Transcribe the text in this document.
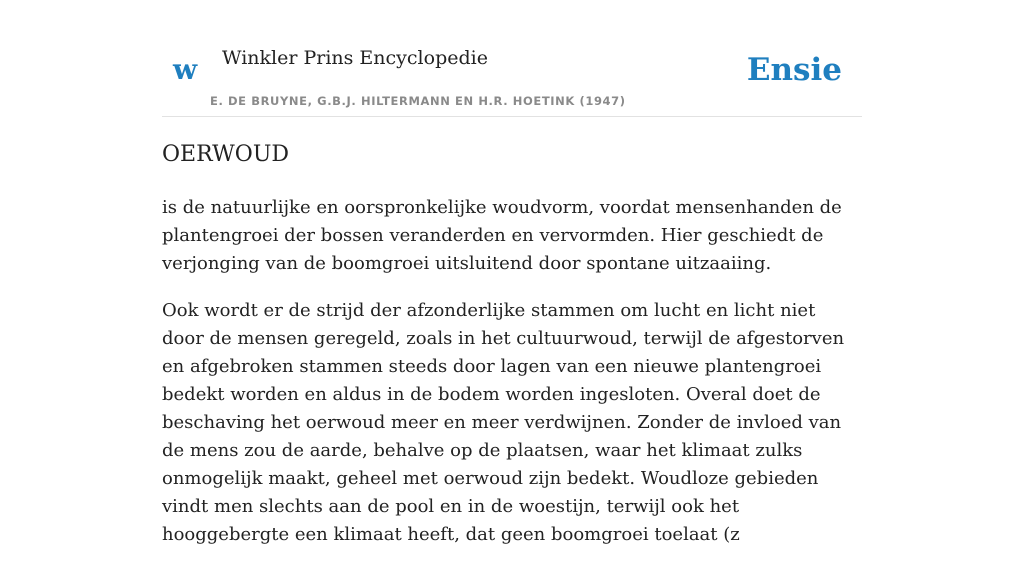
w Winkler Prins Encyclopedie
E. DE BRUYNE, G.B.J. HILTERMANN EN H.R. HOETINK (1947)
Ensie
OERWOUD

is de natuurlijke en oorspronkelijke woudvorm, voordat mensenhanden de plantengroei der bossen veranderden en vervormden. Hier geschiedt de verjonging van de boomgroei uitsluitend door spontane uitzaaiing.

Ook wordt er de strijd der afzonderlijke stammen om lucht en licht niet door de mensen geregeld, zoals in het cultuurwoud, terwijl de afgestorven en afgebroken stammen steeds door lagen van een nieuwe plantengroei bedekt worden en aldus in de bodem worden ingesloten. Overal doet de beschaving het oerwoud meer en meer verdwijnen. Zonder de invloed van de mens zou de aarde, behalve op de plaatsen, waar het klimaat zulks onmogelijk maakt, geheel met oerwoud zijn bedekt. Woudloze gebieden vindt men slechts aan de pool en in de woestijn, terwijl ook het hooggebergte een klimaat heeft, dat geen boomgroei toelaat (z
